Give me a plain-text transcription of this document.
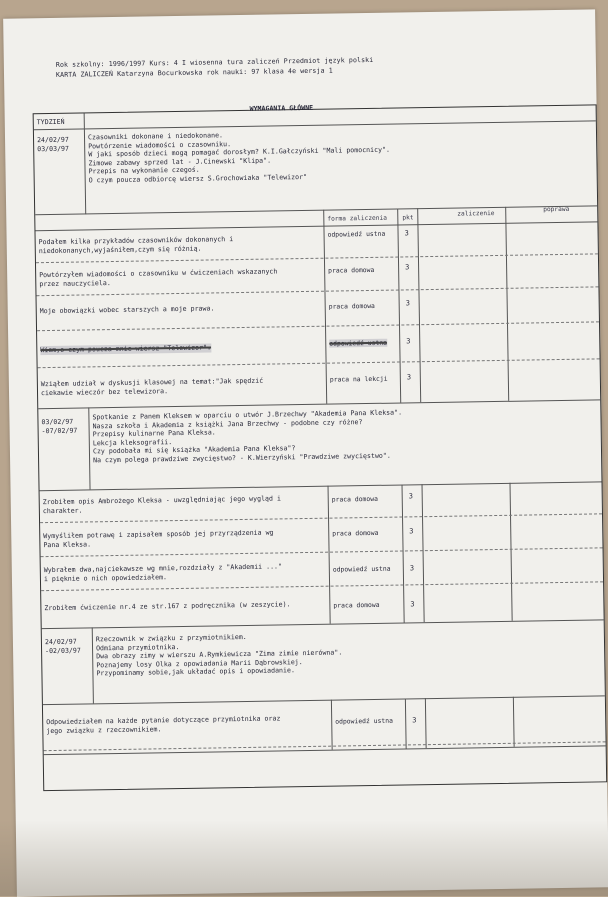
Rok szkolny: 1996/1997 Kurs: 4 I wiosenna tura zaliczeń Przedmiot język polski
KARTA ZALICZEŃ Katarzyna Bocurkowska rok nauki: 97 klasa 4e wersja 1
TYDZIEŃ
WYMAGANIA GŁÓWNE
24/02/97
03/03/97
Czasowniki dokonane i niedokonane.
Powtórzenie wiadomości o czasowniku.
W jaki sposób dzieci mogą pomagać dorosłym? K.I.Gałczyński "Mali pomocnicy".
Zimowe zabawy sprzed lat - J.Cinewski "Klipa".
Przepis na wykonanie czegoś.
O czym poucza odbiorcę wiersz S.Grochowiaka "Telewizor"
forma zaliczenia pkt
zaliczenie
poprawa
Podałem kilka przykładów czasowników dokonanych i
niedokonanych,wyjaśniłem,czym się różnią.
odpowiedź ustna	3
Powtórzyłem wiadomości o czasowniku w ćwiczeniach wskazanych
przez nauczyciela.
praca domowa	3
Moje obowiązki wobec starszych a moje prawa.	praca domowa	3
Wiem,o czym poucza mnie wiersz "Telewizor".
odpowiedź ustna	3
Wziąłem udział w dyskusji klasowej na temat:"Jak spędzić
ciekawie wieczór bez telewizora.
praca na lekcji	3
03/02/97
-07/02/97
Spotkanie z Panem Kleksem w oparciu o utwór J.Brzechwy "Akademia Pana Kleksa".
Nasza szkoła i Akademia z książki Jana Brzechwy - podobne czy różne?
Przepisy kulinarne Pana Kleksa.
Lekcja kleksografii.
Czy podobała mi się książka "Akademia Pana Kleksa"?
Na czym polega prawdziwe zwycięstwo? - K.Wierzyński "Prawdziwe zwycięstwo".
Zrobiłem opis Ambrożego Kleksa - uwzględniając jego wygląd i
charakter.
praca domowa	3
Wymyśliłem potrawę i zapisałem sposób jej przyrządzenia wg
Pana Kleksa.
praca domowa	3
Wybrałem dwa,najciekawsze wg mnie,rozdziały z "Akademii ..."
i pięknie o nich opowiedziałem.
odpowiedź ustna	3
Zrobiłem ćwiczenie nr.4 ze str.167 z podręcznika (w zeszycie).	praca domowa	3
24/02/97
-02/03/97
Rzeczownik w związku z przymiotnikiem.
Odmiana przymiotnika.
Dwa obrazy zimy w wierszu A.Rymkiewicza "Zima zimie nierówna".
Poznajemy losy Olka z opowiadania Marii Dąbrowskiej.
Przypominamy sobie,jak układać opis i opowiadanie.
Odpowiedziałem na każde pytanie dotyczące przymiotnika oraz
jego związku z rzeczownikiem.
odpowiedź ustna	3
